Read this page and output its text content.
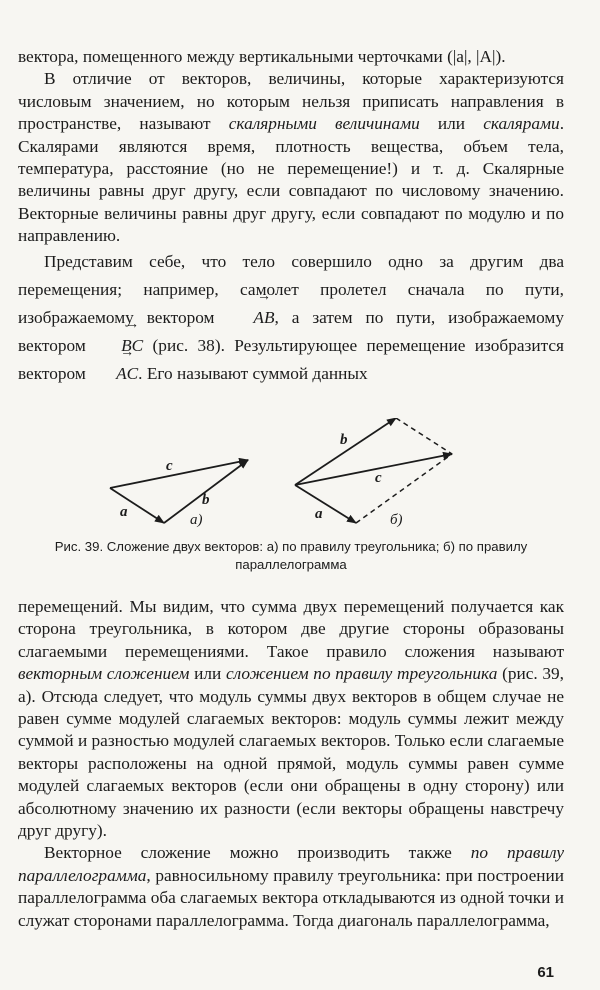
вектора, помещенного между вертикальными черточками (|a|, |A|).

В отличие от векторов, величины, которые характеризуются числовым значением, но которым нельзя приписать направления в пространстве, называют скалярными величинами или скалярами. Скалярами являются время, плотность вещества, объем тела, температура, расстояние (но не перемещение!) и т. д. Скалярные величины равны друг другу, если совпадают по числовому значению. Векторные величины равны друг другу, если совпадают по модулю и по направлению.

Представим себе, что тело совершило одно за другим два перемещения; например, самолет пролетел сначала по пути, изображаемому вектором → AB, а затем по пути, изображаемому вектором → BC (рис. 38). Результирующее перемещение изобразится вектором → AC. Его называют суммой данных

a
b
c
а)	a
b
c
б)
Рис. 39. Сложение двух векторов: а) по правилу треугольника; б) по правилу параллелограмма

перемещений. Мы видим, что сумма двух перемещений получается как сторона треугольника, в котором две другие стороны образованы слагаемыми перемещениями. Такое правило сложения называют векторным сложением или сложением по правилу треугольника (рис. 39, а). Отсюда следует, что модуль суммы двух векторов в общем случае не равен сумме модулей слагаемых векторов: модуль суммы лежит между суммой и разностью модулей слагаемых векторов. Только если слагаемые векторы расположены на одной прямой, модуль суммы равен сумме модулей слагаемых векторов (если они обращены в одну сторону) или абсолютному значению их разности (если векторы обращены навстречу друг другу).

Векторное сложение можно производить также по правилу параллелограмма, равносильному правилу треугольника: при построении параллелограмма оба слагаемых вектора откладываются из одной точки и служат сторонами параллелограмма. Тогда диагональ параллелограмма,

61
